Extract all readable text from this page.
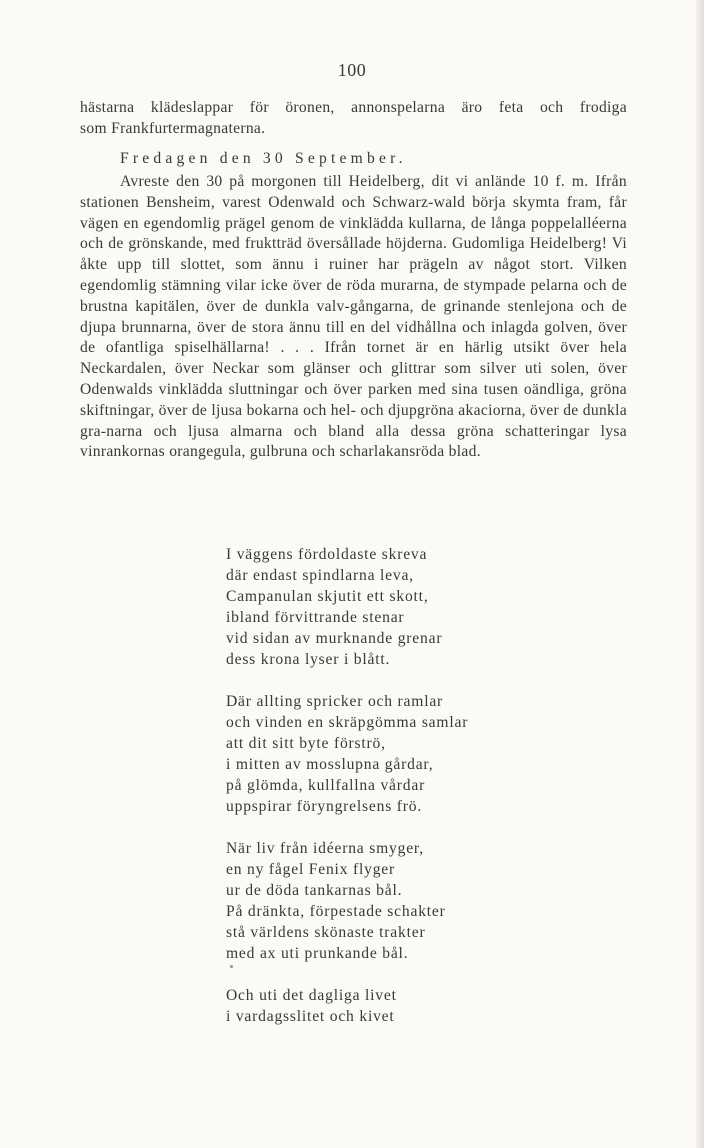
100

hästarna klädeslappar för öronen, annonspelarna äro feta och frodiga

som Frankfurtermagnaterna.

Fredagen den 30 September.

Avreste den 30 på morgonen till Heidelberg, dit vi anlände 10 f. m. Ifrån stationen Bensheim, varest Odenwald och Schwarz-wald börja skymta fram, får vägen en egendomlig prägel genom de vinklädda kullarna, de långa poppelalléerna och de grönskande, med fruktträd översållade höjderna. Gudomliga Heidelberg! Vi åkte upp till slottet, som ännu i ruiner har prägeln av något stort. Vilken egendomlig stämning vilar icke över de röda murarna, de stympade pelarna och de brustna kapitälen, över de dunkla valv-gångarna, de grinande stenlejona och de djupa brunnarna, över de stora ännu till en del vidhållna och inlagda golven, över de ofantliga spiselhällarna! . . . Ifrån tornet är en härlig utsikt över hela Neckardalen, över Neckar som glänser och glittrar som silver uti solen, över Odenwalds vinklädda sluttningar och över parken med sina tusen oändliga, gröna skiftningar, över de ljusa bokarna och hel- och djupgröna akaciorna, över de dunkla gra-narna och ljusa almarna och bland alla dessa gröna schatteringar lysa vinrankornas orangegula, gulbruna och scharlakansröda blad.

I väggens fördoldaste skreva
där endast spindlarna leva,
Campanulan skjutit ett skott,
ibland förvittrande stenar
vid sidan av murknande grenar
dess krona lyser i blått.
Där allting spricker och ramlar
och vinden en skräpgömma samlar
att dit sitt byte förströ,
i mitten av mosslupna gårdar,
på glömda, kullfallna vårdar
uppspirar föryngrelsens frö.
När liv från idéerna smyger,
en ny fågel Fenix flyger
ur de döda tankarnas bål.
På dränkta, förpestade schakter
stå världens skönaste trakter
med ax uti prunkande bål.
Och uti det dagliga livet
i vardagsslitet och kivet
